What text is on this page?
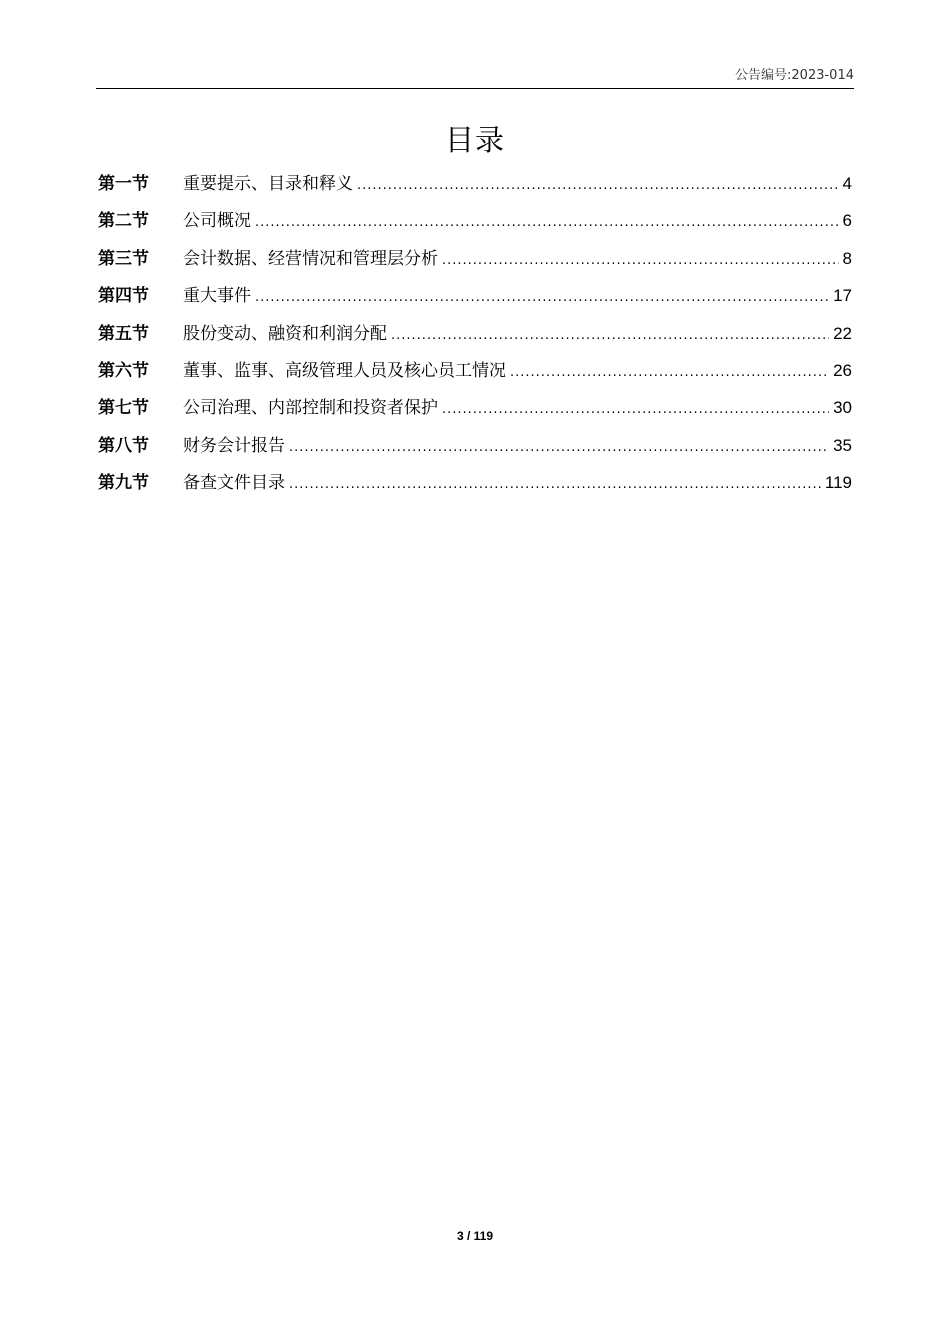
公告编号:2023-014
目录
第一节	重要提示、目录和释义 .....	4
第二节	公司概况 .....	6
第三节	会计数据、经营情况和管理层分析 .....	8
第四节	重大事件 .....	17
第五节	股份变动、融资和利润分配 .....	22
第六节	董事、监事、高级管理人员及核心员工情况 .....	26
第七节	公司治理、内部控制和投资者保护 .....	30
第八节	财务会计报告 .....	35
第九节	备查文件目录 .....	119
3 / 119
